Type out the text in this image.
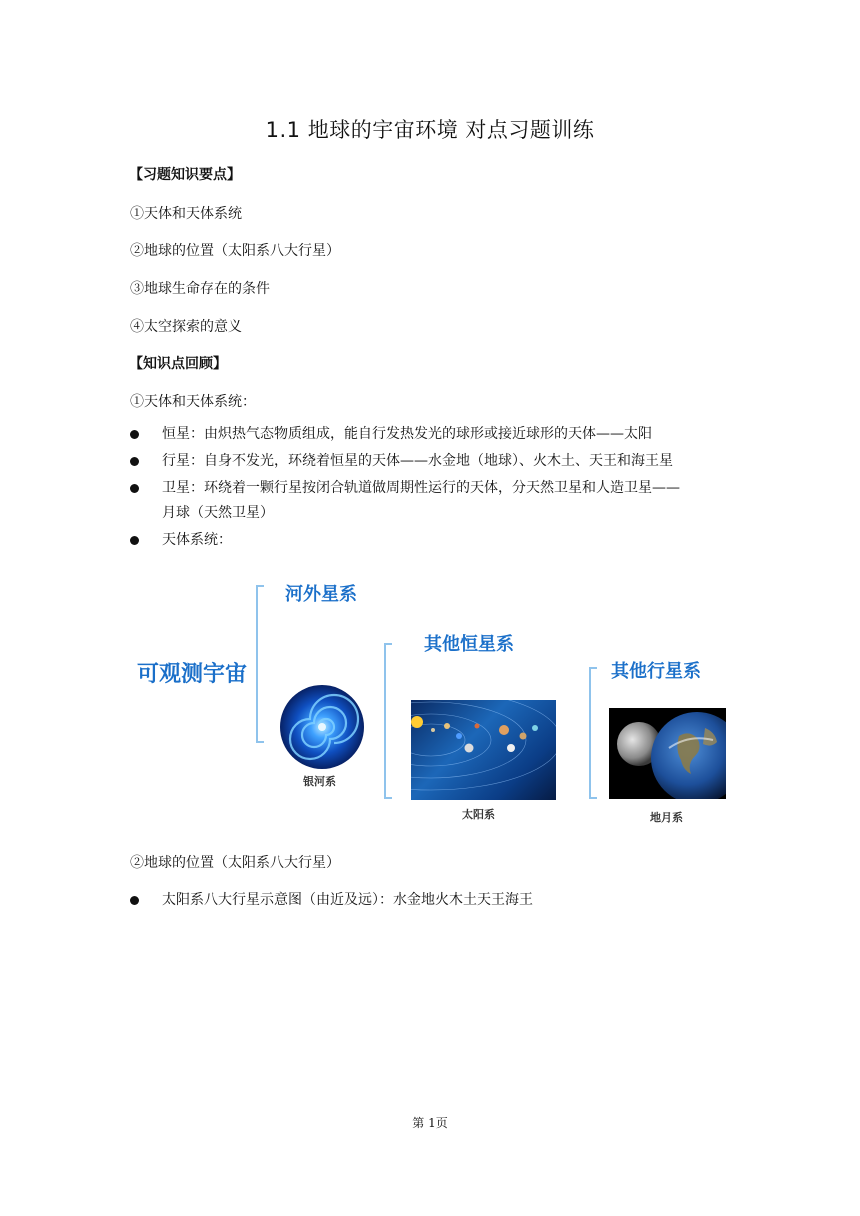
1.1 地球的宇宙环境 对点习题训练
【习题知识要点】
①天体和天体系统
②地球的位置（太阳系八大行星）
③地球生命存在的条件
④太空探索的意义
【知识点回顾】
①天体和天体系统：
恒星：由炽热气态物质组成，能自行发热发光的球形或接近球形的天体——太阳
行星：自身不发光，环绕着恒星的天体——水金地（地球）、火木土、天王和海王星
卫星：环绕着一颗行星按闭合轨道做周期性运行的天体，分天然卫星和人造卫星——
月球（天然卫星）
天体系统：
可观测宇宙
河外星系
其他恒星系
其他行星系
银河系
太阳系	地月系
②地球的位置（太阳系八大行星）
太阳系八大行星示意图（由近及远）：水金地火木土天王海王
第 1页
